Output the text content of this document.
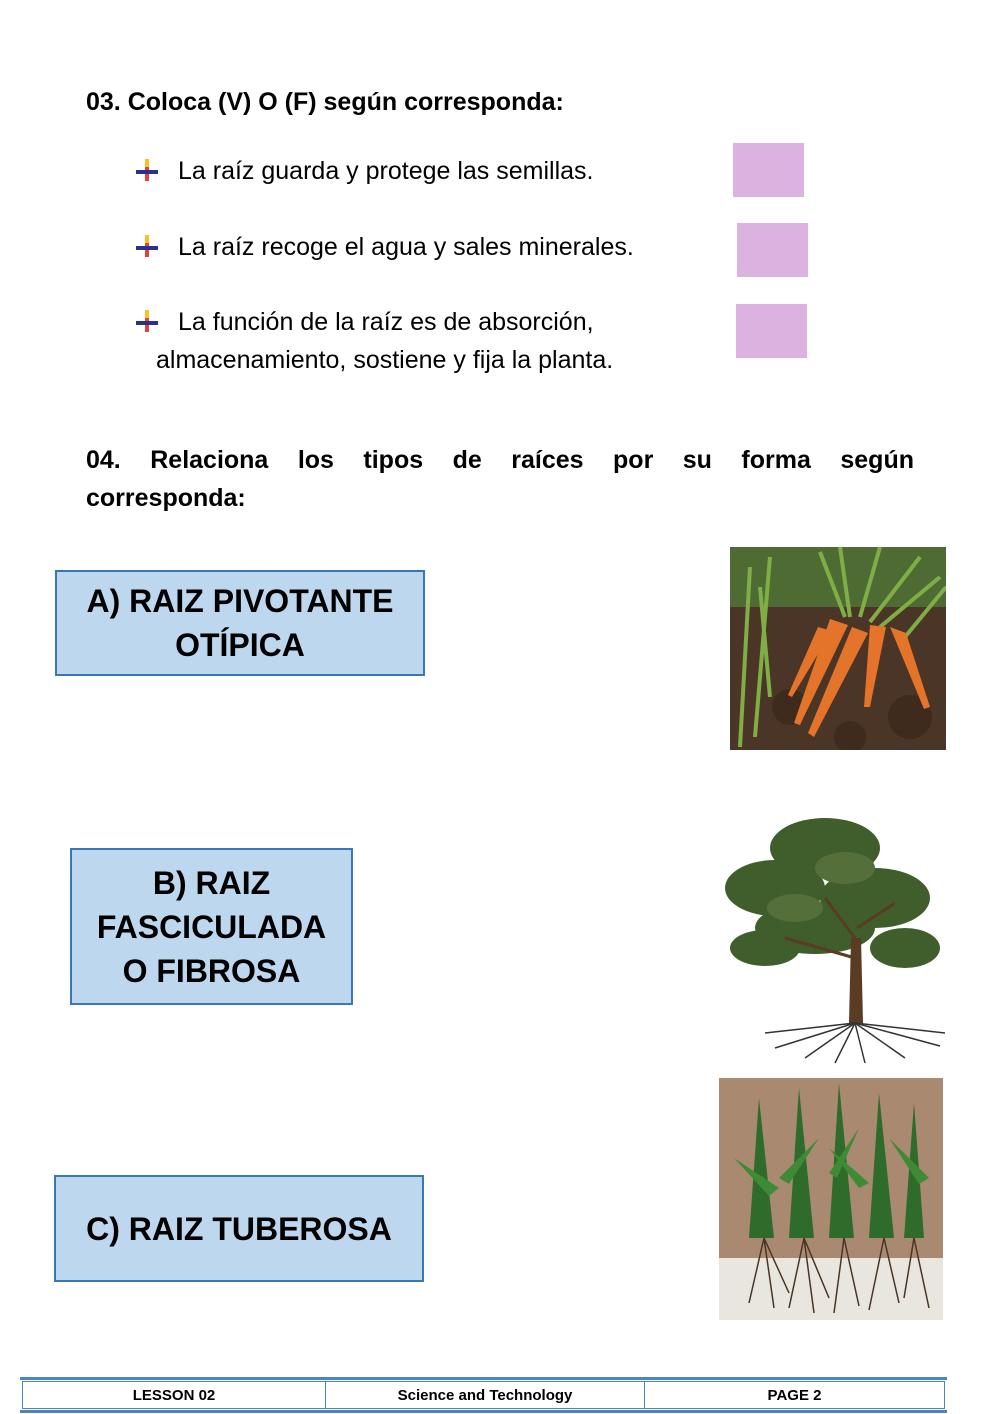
03. Coloca (V) O (F) según corresponda:

La raíz guarda y protege las semillas.
La raíz recoge el agua y sales minerales.
La función de la raíz es de absorción,
almacenamiento, sostiene y fija la planta.

04. Relaciona los tipos de raíces por su forma según corresponda:

A) RAIZ PIVOTANTE
OTÍPICA
B) RAIZ
FASCICULADA
O FIBROSA
C) RAIZ TUBEROSA
LESSON 02	Science and Technology	PAGE 2
